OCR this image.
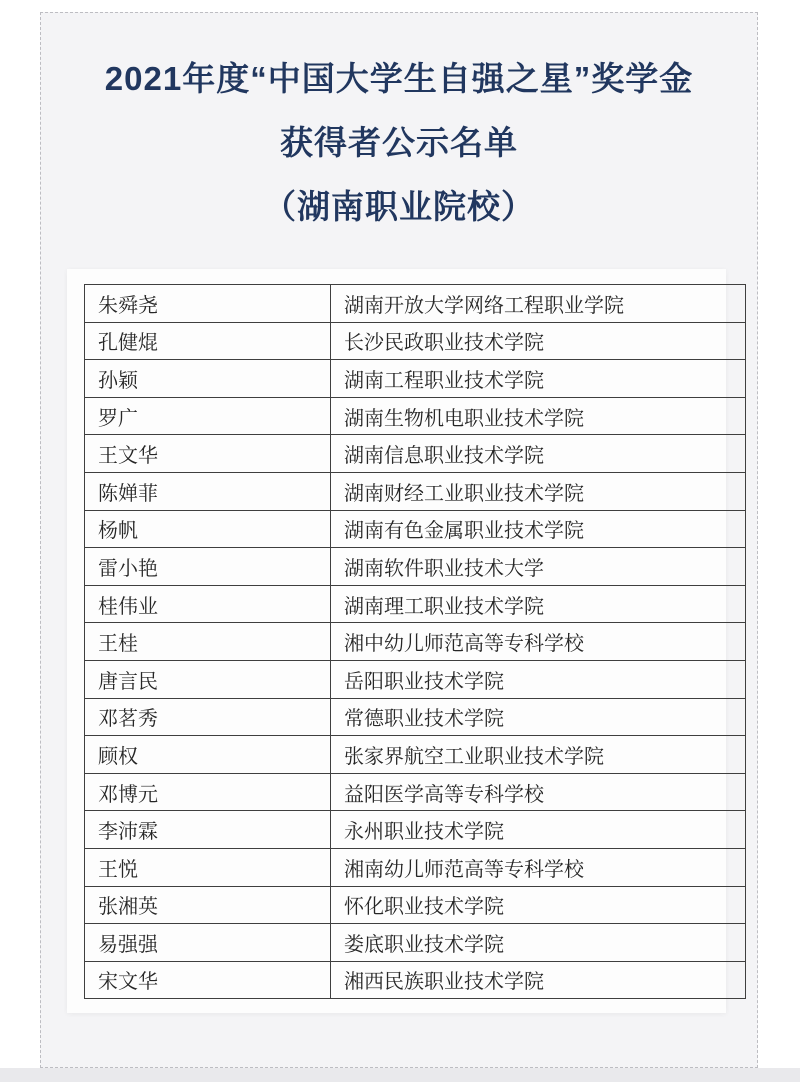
2021年度“中国大学生自强之星”奖学金
获得者公示名单
（湖南职业院校）
朱舜尧	湖南开放大学网络工程职业学院
孔健焜	长沙民政职业技术学院
孙颖	湖南工程职业技术学院
罗广	湖南生物机电职业技术学院
王文华	湖南信息职业技术学院
陈婵菲	湖南财经工业职业技术学院
杨帆	湖南有色金属职业技术学院
雷小艳	湖南软件职业技术大学
桂伟业	湖南理工职业技术学院
王桂	湘中幼儿师范高等专科学校
唐言民	岳阳职业技术学院
邓茗秀	常德职业技术学院
顾权	张家界航空工业职业技术学院
邓博元	益阳医学高等专科学校
李沛霖	永州职业技术学院
王悦	湘南幼儿师范高等专科学校
张湘英	怀化职业技术学院
易强强	娄底职业技术学院
宋文华	湘西民族职业技术学院
